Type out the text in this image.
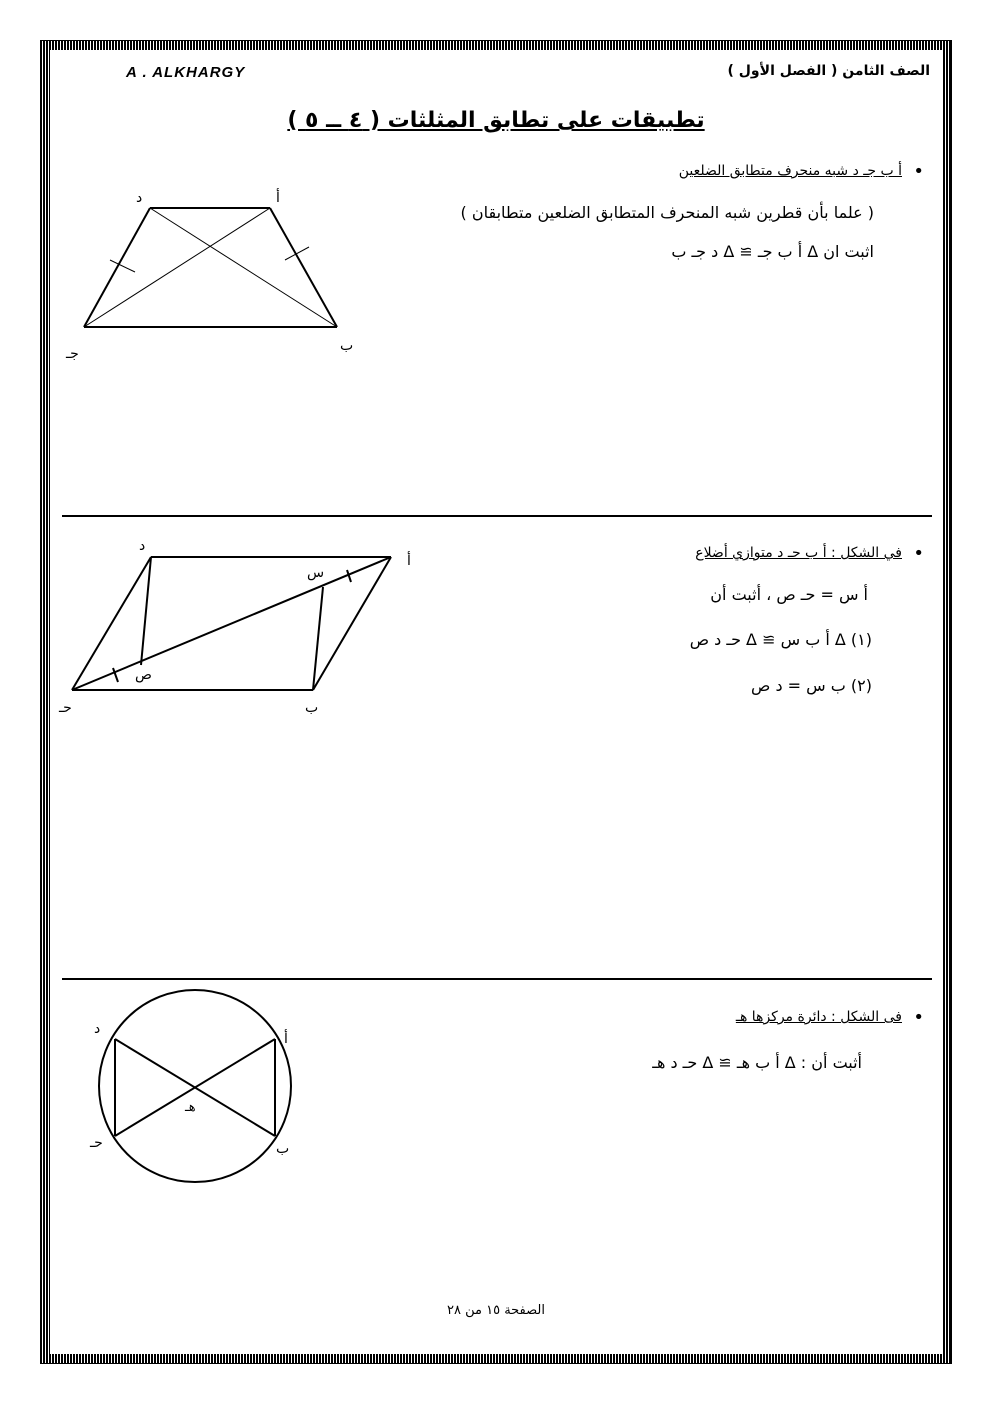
A . ALKHARGY	الصف الثامن ( الفصل الأول )
تطبيقات على تطابق المثلثات ( ٤ ــ ٥ )
• أ ب جـ د شبه منحرف متطابق الضلعين
( علما بأن قطرين شبه المنحرف المتطابق الضلعين متطابقان )
اثبت ان Δ أ ب جـ ≅ Δ د جـ ب
أ
د
ب
جـ
• في الشكل : أ ب حـ د متوازي أضلاع
أ س = حـ ص ، أثبت أن
(١) Δ أ ب س ≅ Δ حـ د ص
(٢) ب س = د ص
أ
د
ب
حـ
س
ص
• فى الشكل : دائرة مركزها هـ
أثبت أن : Δ أ ب هـ ≅ Δ حـ د هـ
أ
د
ب
حـ
هـ
الصفحة ١٥ من ٢٨
